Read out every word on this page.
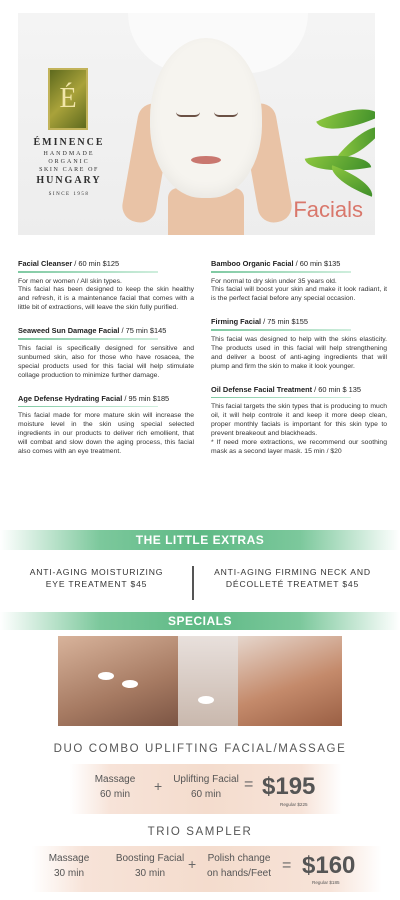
É
ÉMINENCE
HANDMADE
ORGANIC
SKIN CARE OF
HUNGARY
SINCE 1958
Facials
Facial Cleanser / 60 min $125
For men or women / All skin types.
This facial has been designed to keep the skin healthy and refresh, it is a maintenance facial that comes with a little bit of extractions, will leave the skin fully purified.
Seaweed Sun Damage Facial / 75 min $145
This facial is specifically designed for sensitive and sunburned skin, also for those who have rosacea, the special products used for this facial will help stimulate collage production to minimize further damage.
Age Defense Hydrating Facial / 95 min $185
This facial made for more mature skin will increase the moisture level in the skin using special selected ingredients in our products to deliver rich emollient, that will combat and slow down the aging process, this facial also comes with an eye treatment.
Bamboo Organic Facial / 60 min $135
For normal to dry skin under 35 years old.
This facial will boost your skin and make it look radiant, it is the perfect facial before any special occasion.
Firming Facial / 75 min $155
This facial was designed to help with the skins elasticity. The products used in this facial will help strengthening and deliver a boost of anti-aging ingredients that will plump and firm the skin to make it look younger.
Oil Defense Facial Treatment / 60 min $ 135
This facial targets the skin types that is producing to much oil, it will help controle it and keep it more deep clean, proper monthly facials is important for this skin type to prevent breakeout and blackheads.
* If need more extractions, we recommend our soothing mask as a second layer mask. 15 min / $20
THE LITTLE EXTRAS
ANTI-AGING MOISTURIZING
EYE TREATMENT $45
ANTI-AGING FIRMING NECK AND
DÉCOLLETÉ TREATMET $45
SPECIALS
DUO COMBO UPLIFTING FACIAL/MASSAGE
Massage
60 min
+	Uplifting Facial
60 min
= $195
Regular $225
TRIO SAMPLER
Massage
30 min
Boosting Facial
30 min
+	Polish change
on hands/Feet = $160
Regular $185
